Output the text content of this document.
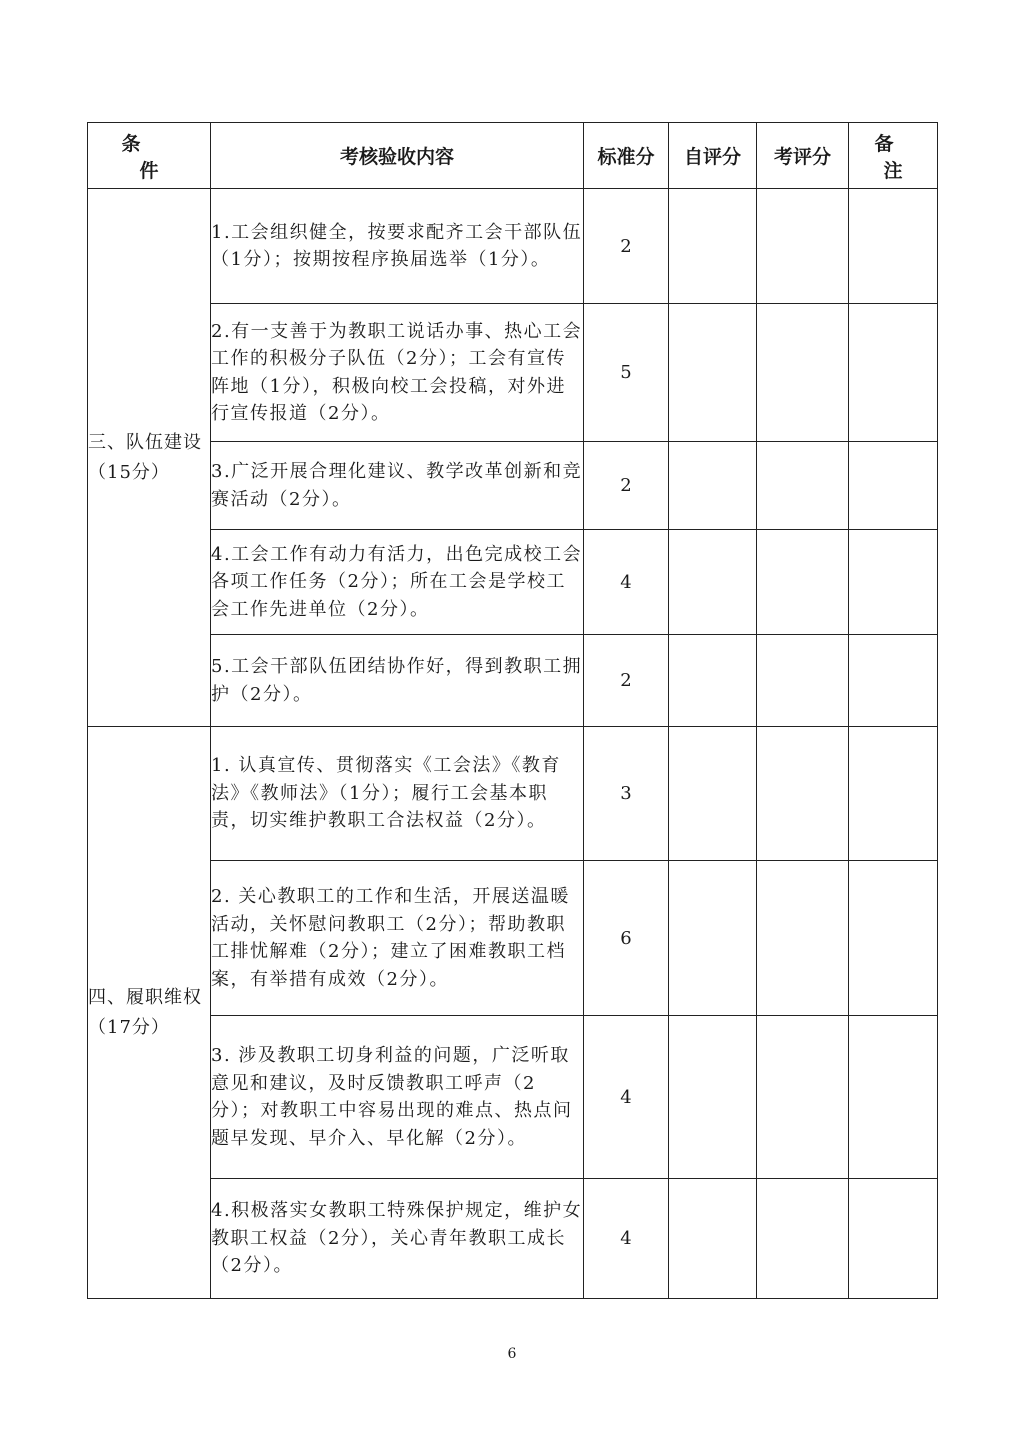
条 件	考核验收内容	标准分	自评分	考评分	备 注
三、队伍建设（15分）	1.工会组织健全，按要求配齐工会干部队伍（1分）；按期按程序换届选举（1分）。	2			
	2.有一支善于为教职工说话办事、热心工会工作的积极分子队伍（2分）；工会有宣传阵地（1分），积极向校工会投稿，对外进行宣传报道（2分）。	5			
	3.广泛开展合理化建议、教学改革创新和竞赛活动（2分）。	2			
	4.工会工作有动力有活力，出色完成校工会各项工作任务（2分）；所在工会是学校工会工作先进单位（2分）。	4			
	5.工会干部队伍团结协作好，得到教职工拥护（2分）。	2			
四、履职维权（17分）	1. 认真宣传、贯彻落实《工会法》《教育法》《教师法》（1分）；履行工会基本职责，切实维护教职工合法权益（2分）。	3			
	2. 关心教职工的工作和生活，开展送温暖活动，关怀慰问教职工（2分）；帮助教职工排忧解难（2分）；建立了困难教职工档案，有举措有成效（2分）。	6			
	3. 涉及教职工切身利益的问题，广泛听取意见和建议，及时反馈教职工呼声（2分）；对教职工中容易出现的难点、热点问题早发现、早介入、早化解（2分）。	4			
	4.积极落实女教职工特殊保护规定，维护女教职工权益（2分），关心青年教职工成长（2分）。	4			
6
